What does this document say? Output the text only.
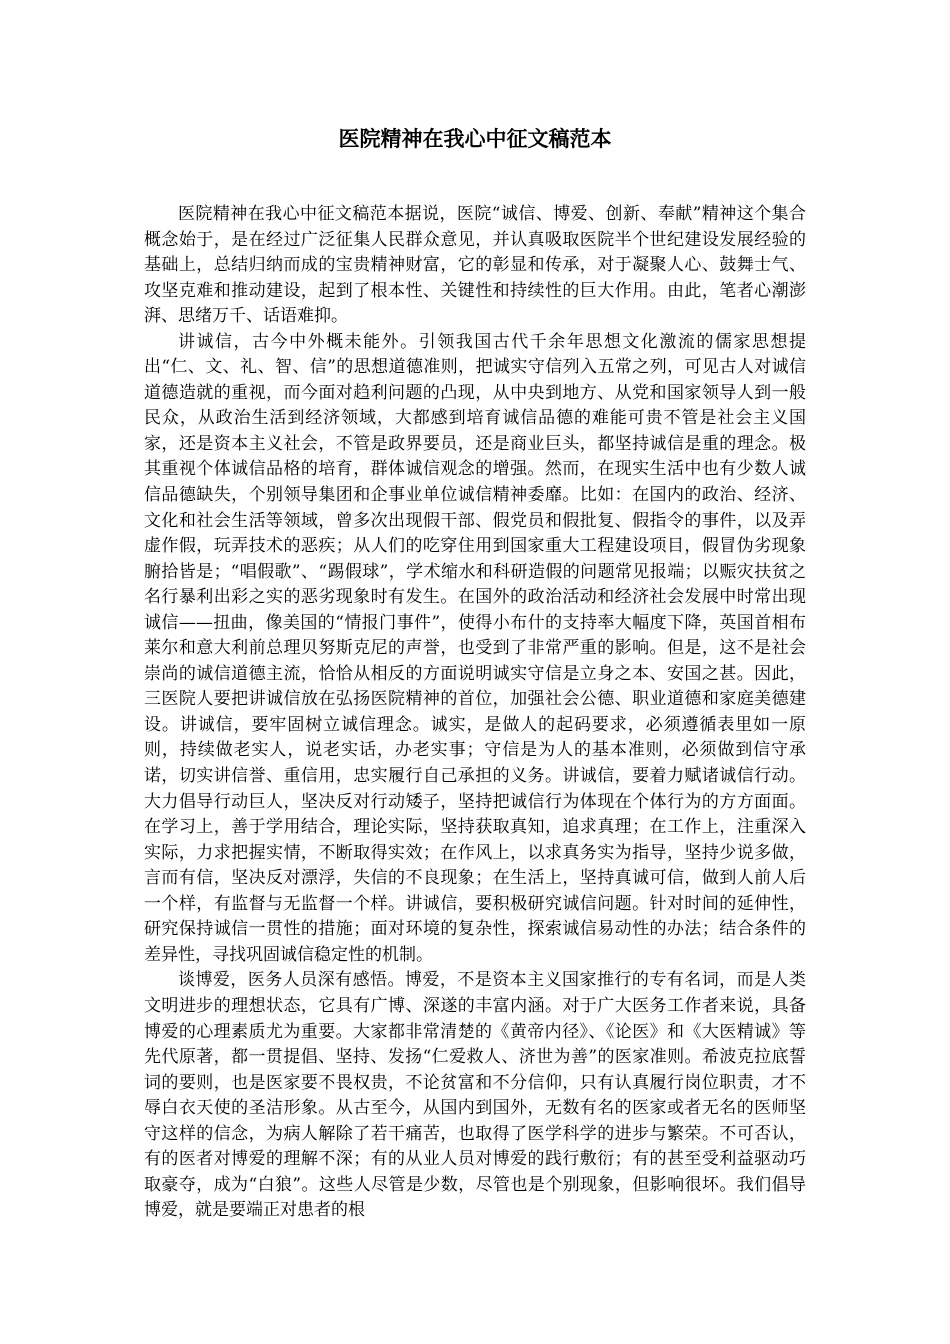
医院精神在我心中征文稿范本

医院精神在我心中征文稿范本据说，医院“诚信、博爱、创新、奉献”精神这个集合概念始于，是在经过广泛征集人民群众意见，并认真吸取医院半个世纪建设发展经验的基础上，总结归纳而成的宝贵精神财富，它的彰显和传承，对于凝聚人心、鼓舞士气、攻坚克难和推动建设，起到了根本性、关键性和持续性的巨大作用。由此，笔者心潮澎湃、思绪万千、话语难抑。

讲诚信，古今中外概未能外。引领我国古代千余年思想文化激流的儒家思想提出“仁、文、礼、智、信”的思想道德准则，把诚实守信列入五常之列，可见古人对诚信道德造就的重视，而今面对趋利问题的凸现，从中央到地方、从党和国家领导人到一般民众，从政治生活到经济领域，大都感到培育诚信品德的难能可贵不管是社会主义国家，还是资本主义社会，不管是政界要员，还是商业巨头，都坚持诚信是重的理念。极其重视个体诚信品格的培育，群体诚信观念的增强。然而，在现实生活中也有少数人诚信品德缺失，个别领导集团和企事业单位诚信精神委靡。比如：在国内的政治、经济、文化和社会生活等领域，曾多次出现假干部、假党员和假批复、假指令的事件，以及弄虚作假，玩弄技术的恶疾；从人们的吃穿住用到国家重大工程建设项目，假冒伪劣现象腑拾皆是；“唱假歌”、“踢假球”，学术缩水和科研造假的问题常见报端；以赈灾扶贫之名行暴利出彩之实的恶劣现象时有发生。在国外的政治活动和经济社会发展中时常出现诚信——扭曲，像美国的“情报门事件”，使得小布什的支持率大幅度下降，英国首相布莱尔和意大利前总理贝努斯克尼的声誉，也受到了非常严重的影响。但是，这不是社会崇尚的诚信道德主流，恰恰从相反的方面说明诚实守信是立身之本、安国之甚。因此，三医院人要把讲诚信放在弘扬医院精神的首位，加强社会公德、职业道德和家庭美德建设。讲诚信，要牢固树立诚信理念。诚实，是做人的起码要求，必须遵循表里如一原则，持续做老实人，说老实话，办老实事；守信是为人的基本准则，必须做到信守承诺，切实讲信誉、重信用，忠实履行自己承担的义务。讲诚信，要着力赋诸诚信行动。大力倡导行动巨人，坚决反对行动矮子，坚持把诚信行为体现在个体行为的方方面面。在学习上，善于学用结合，理论实际，坚持获取真知，追求真理；在工作上，注重深入实际，力求把握实情，不断取得实效；在作风上，以求真务实为指导，坚持少说多做，言而有信，坚决反对漂浮，失信的不良现象；在生活上，坚持真诚可信，做到人前人后一个样，有监督与无监督一个样。讲诚信，要积极研究诚信问题。针对时间的延伸性，研究保持诚信一贯性的措施；面对环境的复杂性，探索诚信易动性的办法；结合条件的差异性，寻找巩固诚信稳定性的机制。

谈博爱，医务人员深有感悟。博爱，不是资本主义国家推行的专有名词，而是人类文明进步的理想状态，它具有广博、深遂的丰富内涵。对于广大医务工作者来说，具备博爱的心理素质尤为重要。大家都非常清楚的《黄帝内径》、《论医》和《大医精诚》等先代原著，都一贯提倡、坚持、发扬“仁爱救人、济世为善”的医家准则。希波克拉底誓词的要则，也是医家要不畏权贵，不论贫富和不分信仰，只有认真履行岗位职责，才不辱白衣天使的圣洁形象。从古至今，从国内到国外，无数有名的医家或者无名的医师坚守这样的信念，为病人解除了若干痛苦，也取得了医学科学的进步与繁荣。不可否认，有的医者对博爱的理解不深；有的从业人员对博爱的践行敷衍；有的甚至受利益驱动巧取豪夺，成为“白狼”。这些人尽管是少数，尽管也是个别现象，但影响很坏。我们倡导博爱，就是要端正对患者的根
